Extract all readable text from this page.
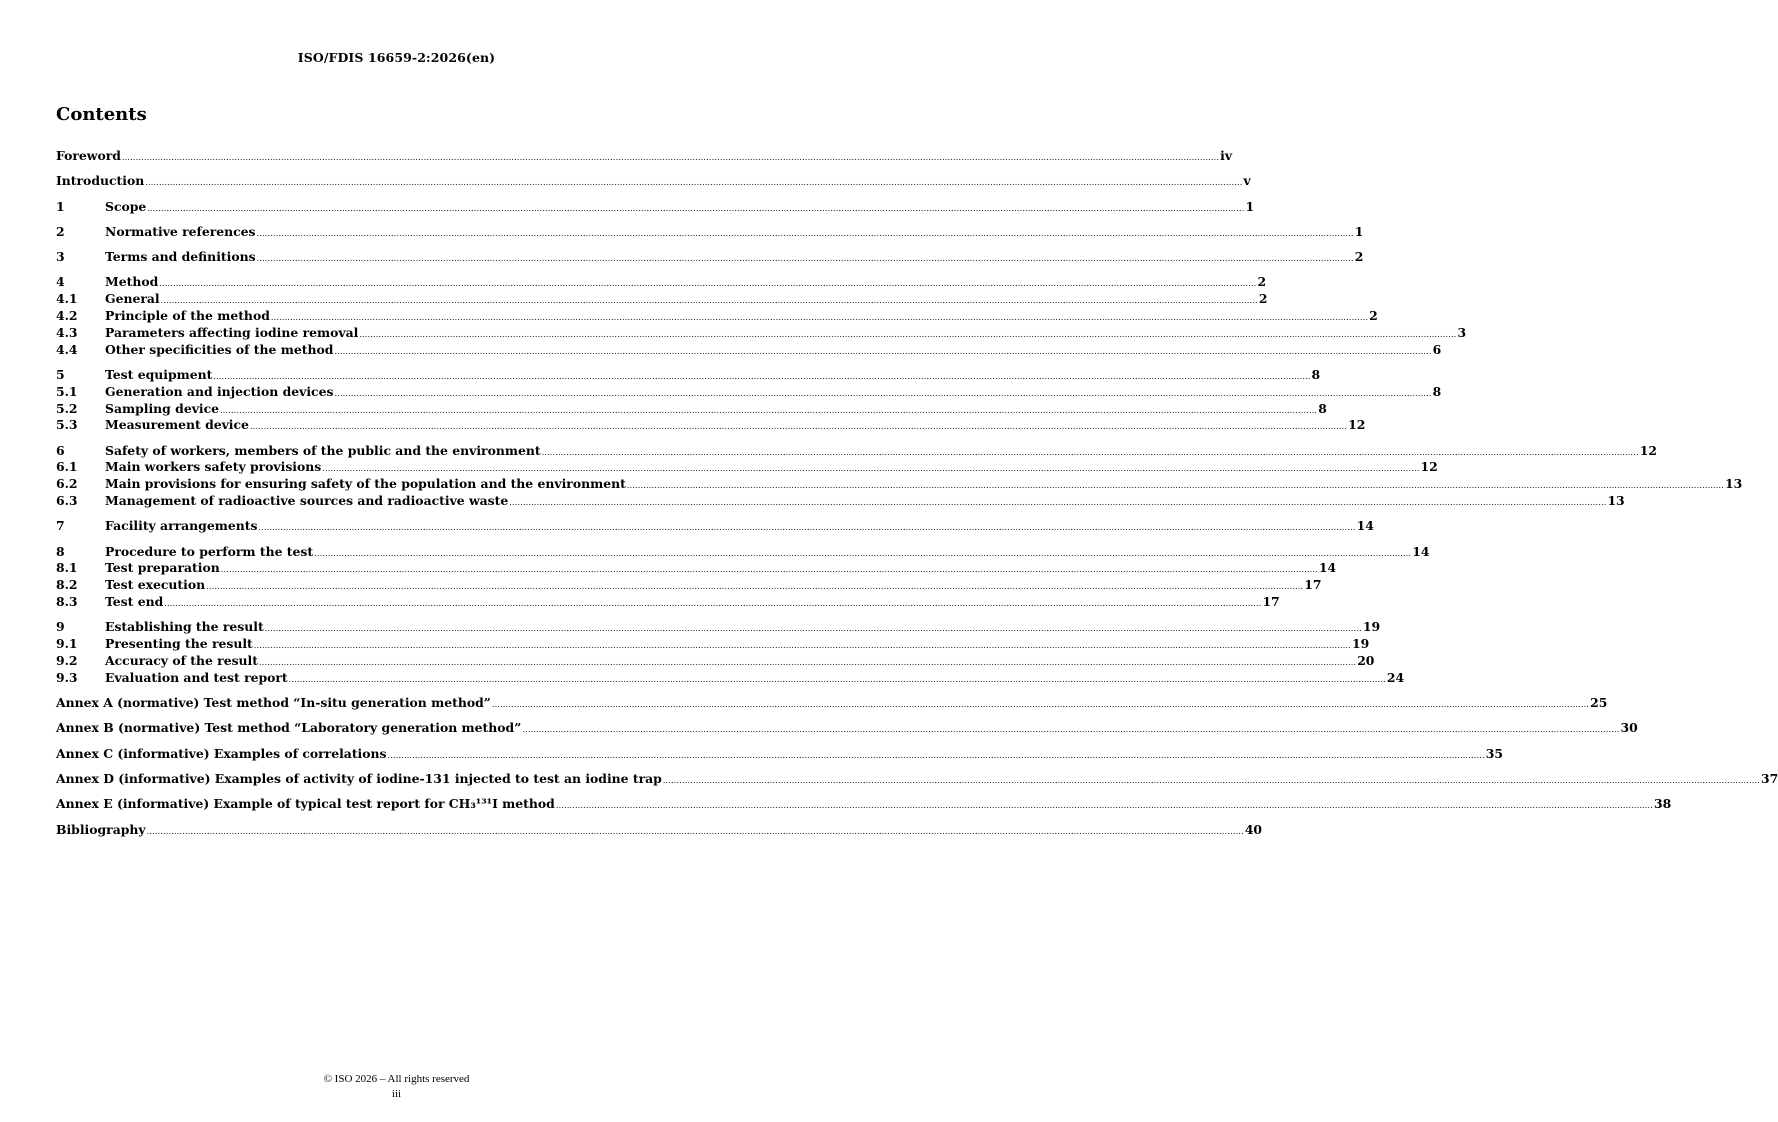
ISO/FDIS 16659-2:2026(en)
Contents
Foreword ................................................................................................................................................................................................................................................................................................................................................................................................................ iv
Introduction ................................................................................................................................................................................................................................................................................................................................................................................................................ v
1	Scope ................................................................................................................................................................................................................................................................................................................................................................................................................ 1
2	Normative references ................................................................................................................................................................................................................................................................................................................................................................................................................ 1
3	Terms and definitions ................................................................................................................................................................................................................................................................................................................................................................................................................ 2
4	Method ................................................................................................................................................................................................................................................................................................................................................................................................................ 2
4.1	General ................................................................................................................................................................................................................................................................................................................................................................................................................ 2
4.2	Principle of the method ................................................................................................................................................................................................................................................................................................................................................................................................................ 2
4.3	Parameters affecting iodine removal ................................................................................................................................................................................................................................................................................................................................................................................................................ 3
4.4	Other specificities of the method ................................................................................................................................................................................................................................................................................................................................................................................................................ 6
5	Test equipment ................................................................................................................................................................................................................................................................................................................................................................................................................ 8
5.1	Generation and injection devices ................................................................................................................................................................................................................................................................................................................................................................................................................ 8
5.2	Sampling device ................................................................................................................................................................................................................................................................................................................................................................................................................ 8
5.3	Measurement device ................................................................................................................................................................................................................................................................................................................................................................................................................ 12
6	Safety of workers, members of the public and the environment ................................................................................................................................................................................................................................................................................................................................................................................................................ 12
6.1	Main workers safety provisions ................................................................................................................................................................................................................................................................................................................................................................................................................ 12
6.2	Main provisions for ensuring safety of the population and the environment ................................................................................................................................................................................................................................................................................................................................................................................................................ 13
6.3	Management of radioactive sources and radioactive waste ................................................................................................................................................................................................................................................................................................................................................................................................................ 13
7	Facility arrangements ................................................................................................................................................................................................................................................................................................................................................................................................................ 14
8	Procedure to perform the test ................................................................................................................................................................................................................................................................................................................................................................................................................ 14
8.1	Test preparation ................................................................................................................................................................................................................................................................................................................................................................................................................ 14
8.2	Test execution ................................................................................................................................................................................................................................................................................................................................................................................................................ 17
8.3	Test end ................................................................................................................................................................................................................................................................................................................................................................................................................ 17
9	Establishing the result ................................................................................................................................................................................................................................................................................................................................................................................................................ 19
9.1	Presenting the result ................................................................................................................................................................................................................................................................................................................................................................................................................ 19
9.2	Accuracy of the result ................................................................................................................................................................................................................................................................................................................................................................................................................ 20
9.3	Evaluation and test report ................................................................................................................................................................................................................................................................................................................................................................................................................ 24
Annex A (normative) Test method “In-situ generation method” ................................................................................................................................................................................................................................................................................................................................................................................................................ 25
Annex B (normative) Test method “Laboratory generation method” ................................................................................................................................................................................................................................................................................................................................................................................................................ 30
Annex C (informative) Examples of correlations ................................................................................................................................................................................................................................................................................................................................................................................................................ 35
Annex D (informative) Examples of activity of iodine-131 injected to test an iodine trap ................................................................................................................................................................................................................................................................................................................................................................................................................ 37
Annex E (informative) Example of typical test report for CH₃¹³¹I method ................................................................................................................................................................................................................................................................................................................................................................................................................ 38
Bibliography ................................................................................................................................................................................................................................................................................................................................................................................................................ 40
© ISO 2026 – All rights reserved
iii
